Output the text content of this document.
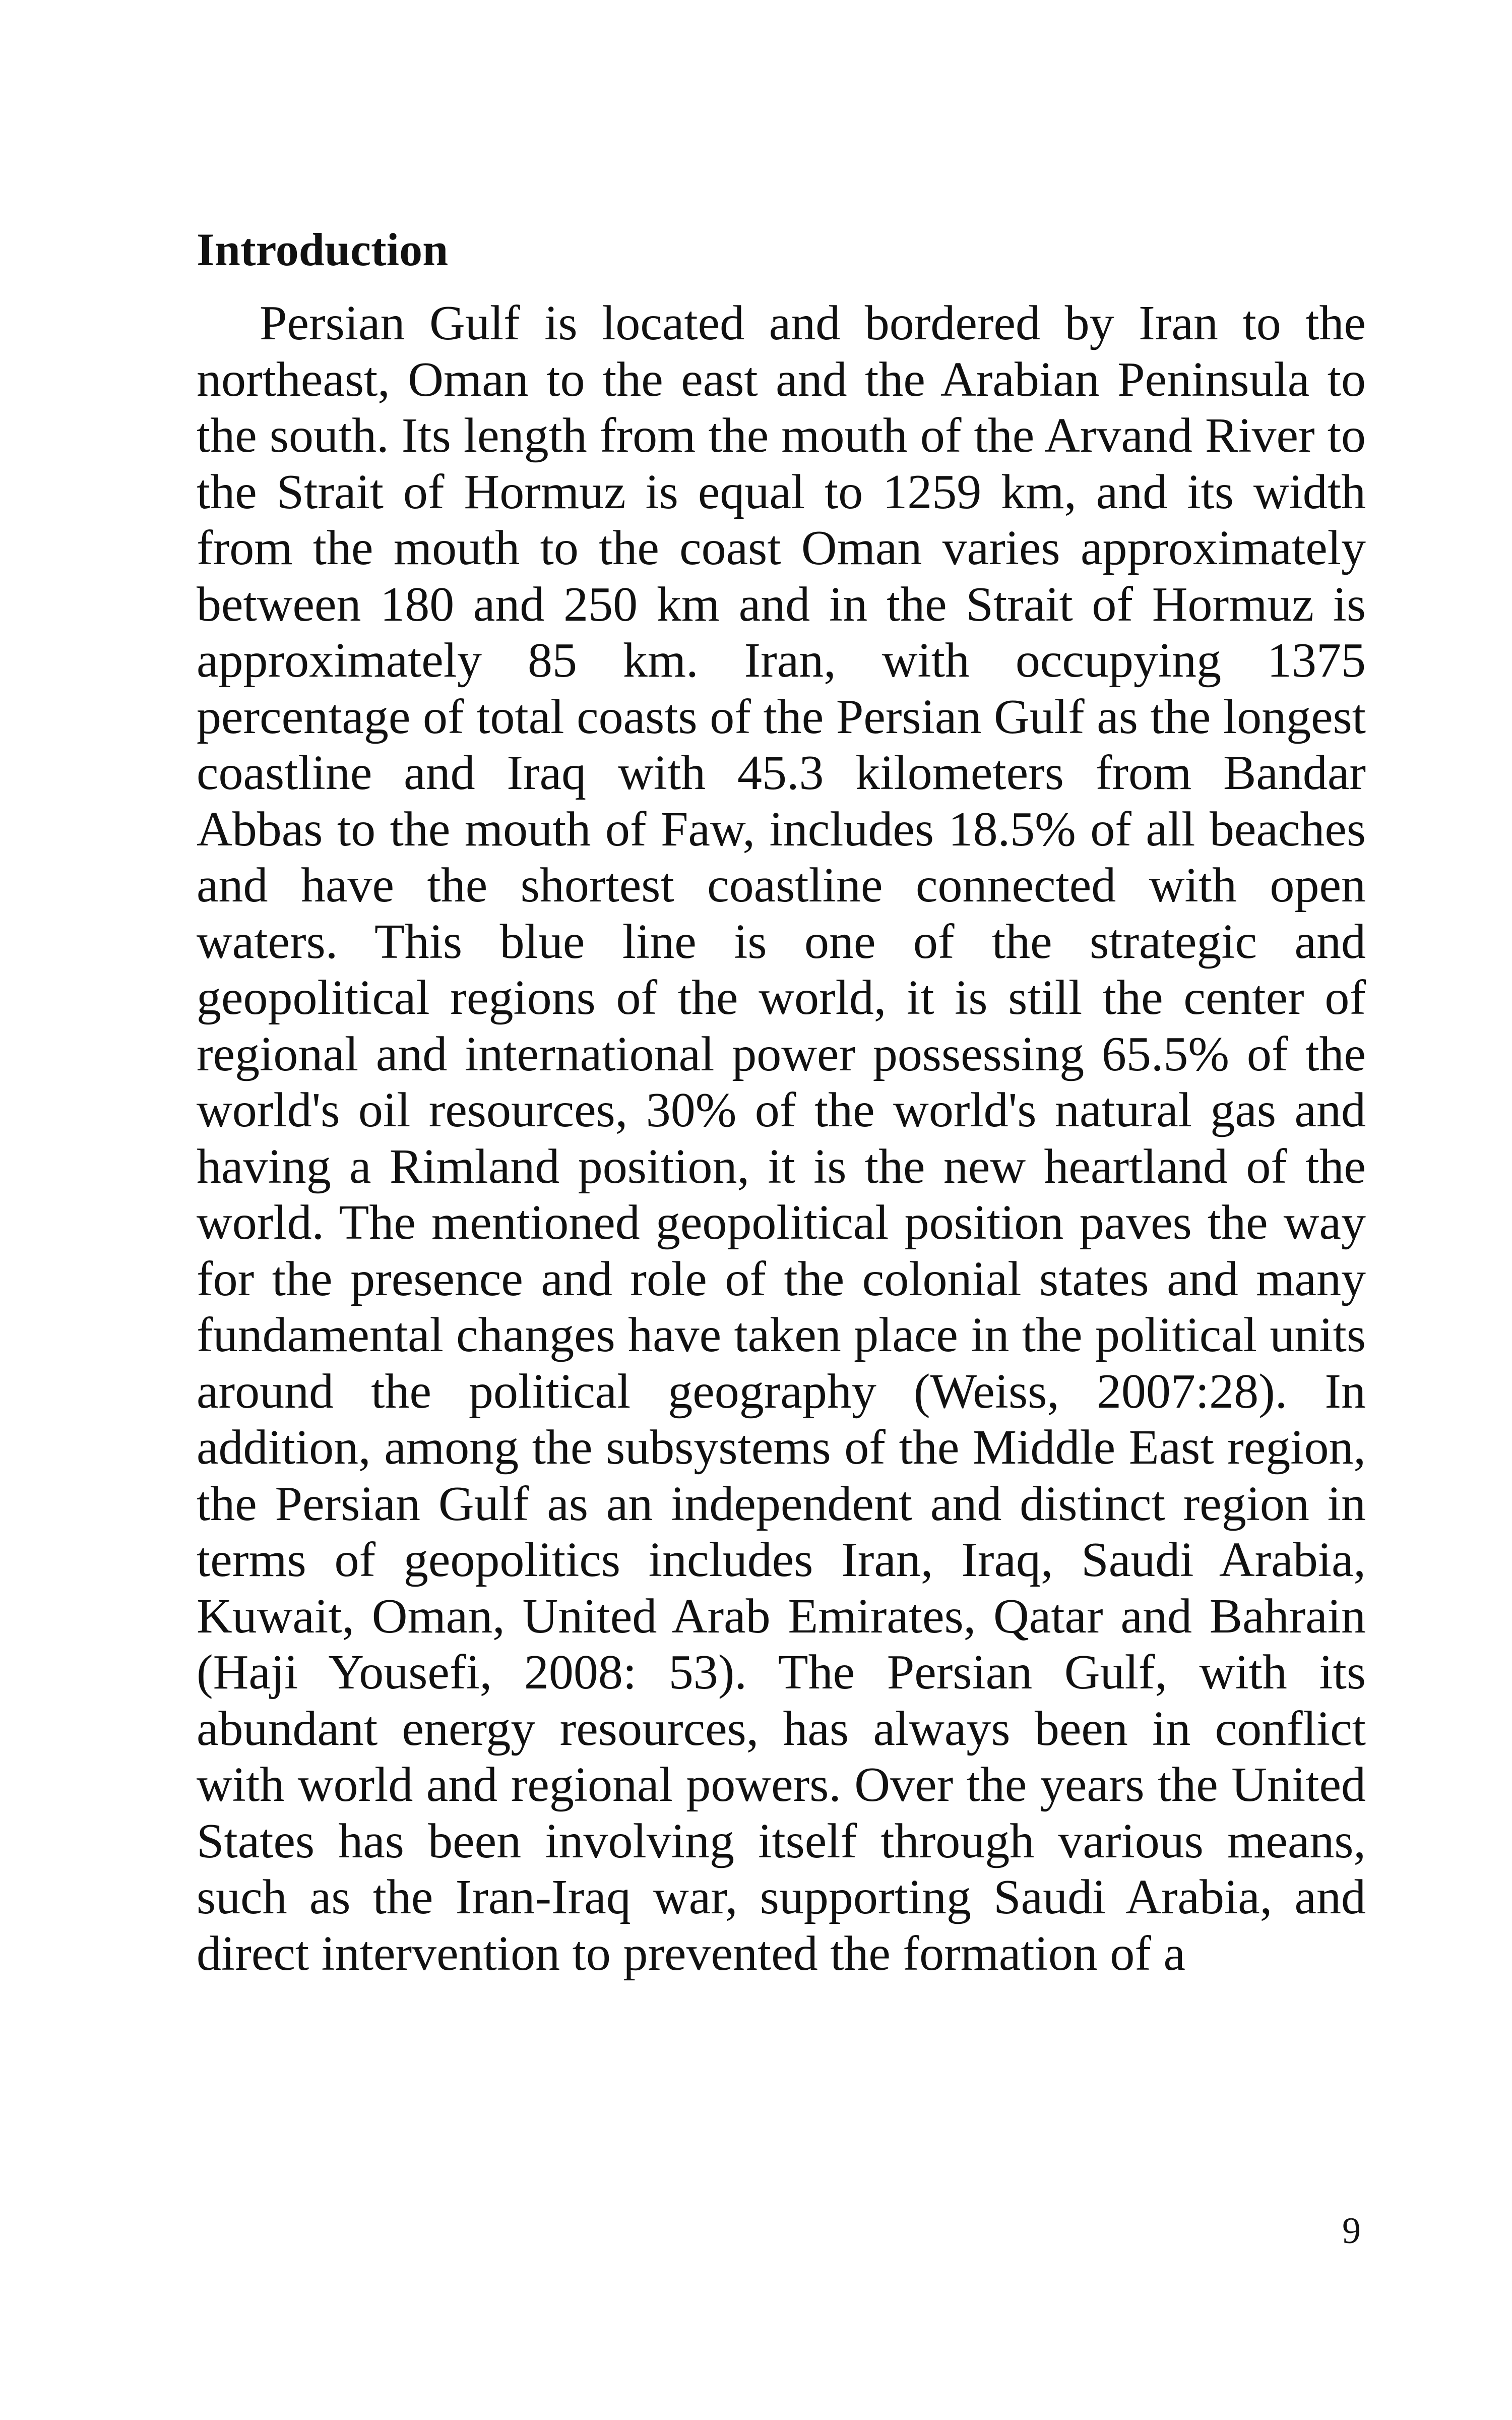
Introduction

Persian Gulf is located and bordered by Iran to the northeast, Oman to the east and the Arabian Peninsula to the south. Its length from the mouth of the Arvand River to the Strait of Hormuz is equal to 1259 km, and its width from the mouth to the coast Oman varies approximately between 180 and 250 km and in the Strait of Hormuz is approximately 85 km. Iran, with occupying 1375 percentage of total coasts of the Persian Gulf as the longest coastline and Iraq with 45.3 kilometers from Bandar Abbas to the mouth of Faw, includes 18.5% of all beaches and have the shortest coastline connected with open waters. This blue line is one of the strategic and geopolitical regions of the world, it is still the center of regional and international power possessing 65.5% of the world's oil resources, 30% of the world's natural gas and having a Rimland position, it is the new heartland of the world. The mentioned geopolitical position paves the way for the presence and role of the colonial states and many fundamental changes have taken place in the political units around the political geography (Weiss, 2007:28). In addition, among the subsystems of the Middle East region, the Persian Gulf as an independent and distinct region in terms of geopolitics includes Iran, Iraq, Saudi Arabia, Kuwait, Oman, United Arab Emirates, Qatar and Bahrain (Haji Yousefi, 2008: 53). The Persian Gulf, with its abundant energy resources, has always been in conflict with world and regional powers. Over the years the United States has been involving itself through various means, such as the Iran-Iraq war, supporting Saudi Arabia, and direct intervention to prevented the formation of a

9
